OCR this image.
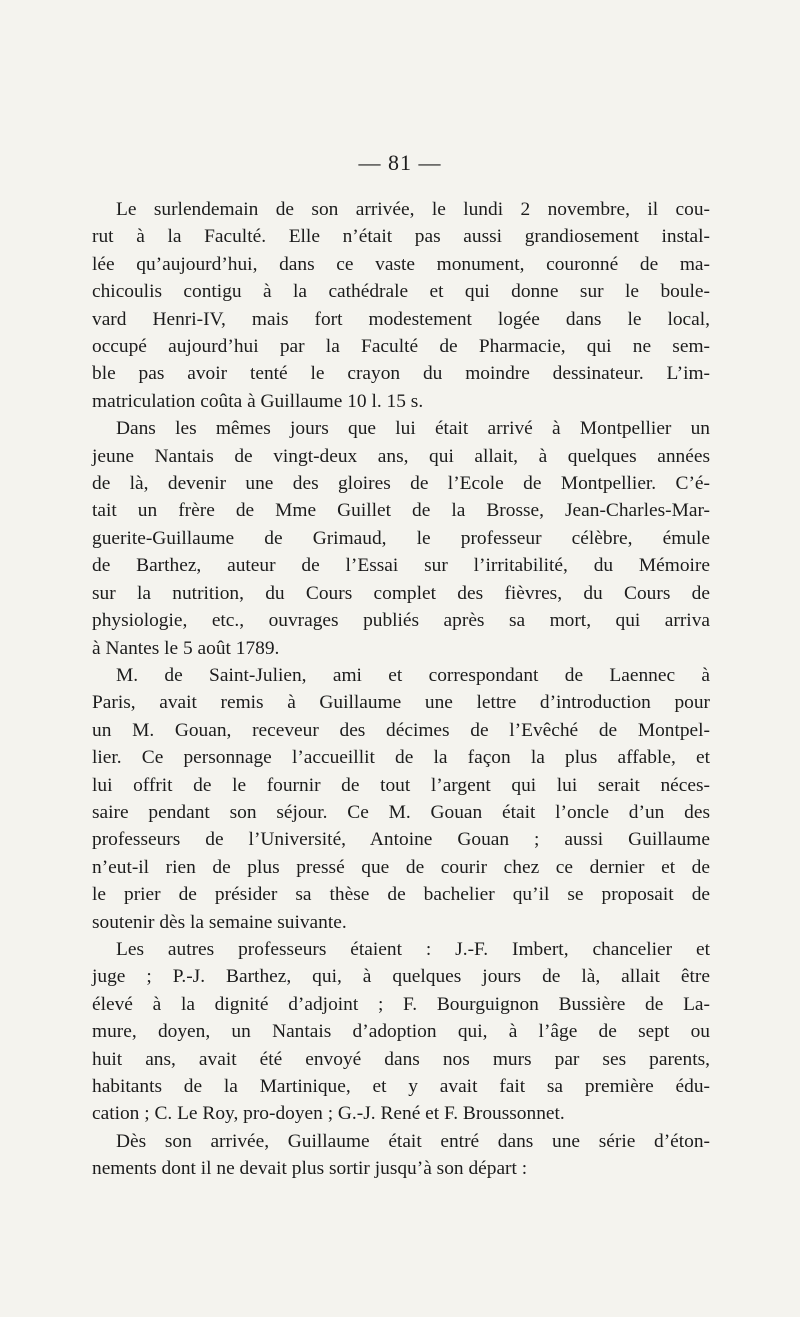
— 81 —
Le surlendemain de son arrivée, le lundi 2 novembre, il cou-
rut à la Faculté. Elle n’était pas aussi grandiosement instal-
lée qu’aujourd’hui, dans ce vaste monument, couronné de ma-
chicoulis contigu à la cathédrale et qui donne sur le boule-
vard Henri-IV, mais fort modestement logée dans le local,
occupé aujourd’hui par la Faculté de Pharmacie, qui ne sem-
ble pas avoir tenté le crayon du moindre dessinateur. L’im-
matriculation coûta à Guillaume 10 l. 15 s.
Dans les mêmes jours que lui était arrivé à Montpellier un
jeune Nantais de vingt-deux ans, qui allait, à quelques années
de là, devenir une des gloires de l’Ecole de Montpellier. C’é-
tait un frère de Mme Guillet de la Brosse, Jean-Charles-Mar-
guerite-Guillaume de Grimaud, le professeur célèbre, émule
de Barthez, auteur de l’Essai sur l’irritabilité, du Mémoire
sur la nutrition, du Cours complet des fièvres, du Cours de
physiologie, etc., ouvrages publiés après sa mort, qui arriva
à Nantes le 5 août 1789.
M. de Saint-Julien, ami et correspondant de Laennec à
Paris, avait remis à Guillaume une lettre d’introduction pour
un M. Gouan, receveur des décimes de l’Evêché de Montpel-
lier. Ce personnage l’accueillit de la façon la plus affable, et
lui offrit de le fournir de tout l’argent qui lui serait néces-
saire pendant son séjour. Ce M. Gouan était l’oncle d’un des
professeurs de l’Université, Antoine Gouan ; aussi Guillaume
n’eut-il rien de plus pressé que de courir chez ce dernier et de
le prier de présider sa thèse de bachelier qu’il se proposait de
soutenir dès la semaine suivante.
Les autres professeurs étaient : J.-F. Imbert, chancelier et
juge ; P.-J. Barthez, qui, à quelques jours de là, allait être
élevé à la dignité d’adjoint ; F. Bourguignon Bussière de La-
mure, doyen, un Nantais d’adoption qui, à l’âge de sept ou
huit ans, avait été envoyé dans nos murs par ses parents,
habitants de la Martinique, et y avait fait sa première édu-
cation ; C. Le Roy, pro-doyen ; G.-J. René et F. Broussonnet.
Dès son arrivée, Guillaume était entré dans une série d’éton-
nements dont il ne devait plus sortir jusqu’à son départ :
